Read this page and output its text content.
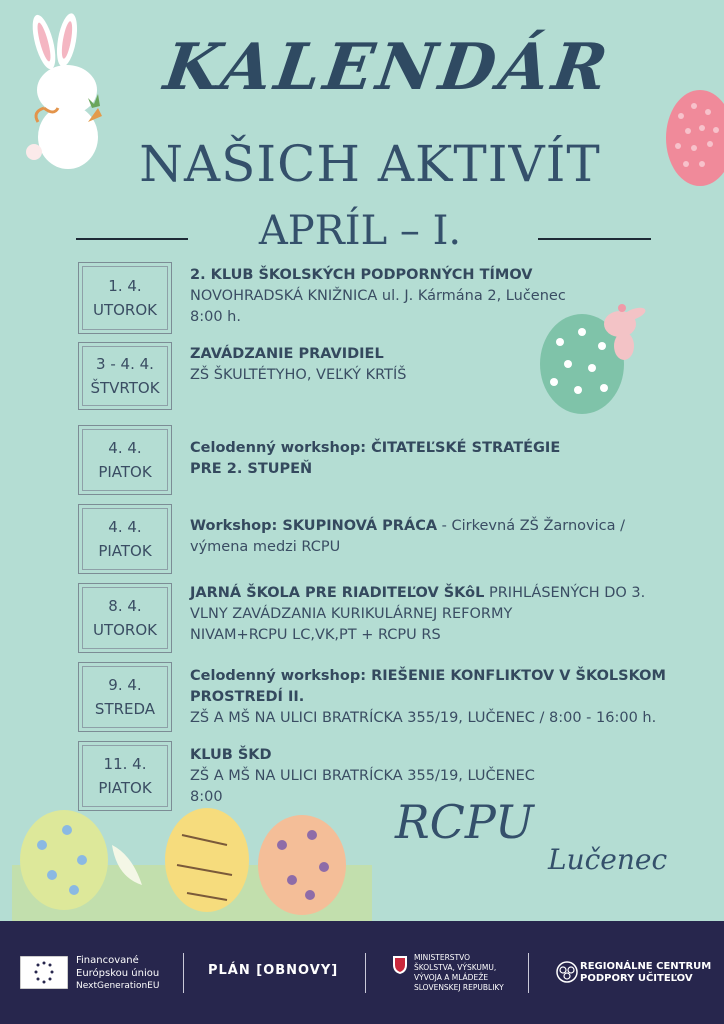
KALENDÁR
NAŠICH AKTIVÍT
APRÍL – I.
1. 4.
UTOROK
2. KLUB ŠKOLSKÝCH PODPORNÝCH TÍMOV
NOVOHRADSKÁ KNIŽNICA ul. J. Kármána 2, Lučenec
8:00 h.
3 - 4. 4.
ŠTVRTOK
ZAVÁDZANIE PRAVIDIEL
ZŠ ŠKULTÉTYHO, VEĽKÝ KRTÍŠ
4. 4.
PIATOK
Celodenný workshop: ČITATEĽSKÉ STRATÉGIE
PRE 2. STUPEŇ
4. 4.
PIATOK
Workshop: SKUPINOVÁ PRÁCA - Cirkevná ZŠ Žarnovica /
výmena medzi RCPU
8. 4.
UTOROK
JARNÁ ŠKOLA PRE RIADITEĽOV ŠKôL PRIHLÁSENÝCH DO 3.
VLNY ZAVÁDZANIA KURIKULÁRNEJ REFORMY
NIVAM+RCPU LC,VK,PT + RCPU RS
9. 4.
STREDA
Celodenný workshop: RIEŠENIE KONFLIKTOV V ŠKOLSKOM
PROSTREDÍ II.
ZŠ A MŠ NA ULICI BRATRÍCKA 355/19, LUČENEC / 8:00 - 16:00 h.
11. 4.
PIATOK
KLUB ŠKD
ZŠ A MŠ NA ULICI BRATRÍCKA 355/19, LUČENEC
8:00	RCPU
Lučenec
Financované
Európskou úniou
NextGenerationEU
PLÁN [OBNOVY]
MINISTERSTVO
ŠKOLSTVA, VÝSKUMU,
VÝVOJA A MLÁDEŽE
SLOVENSKEJ REPUBLIKY
REGIONÁLNE CENTRUM
PODPORY UČITEĽOV
